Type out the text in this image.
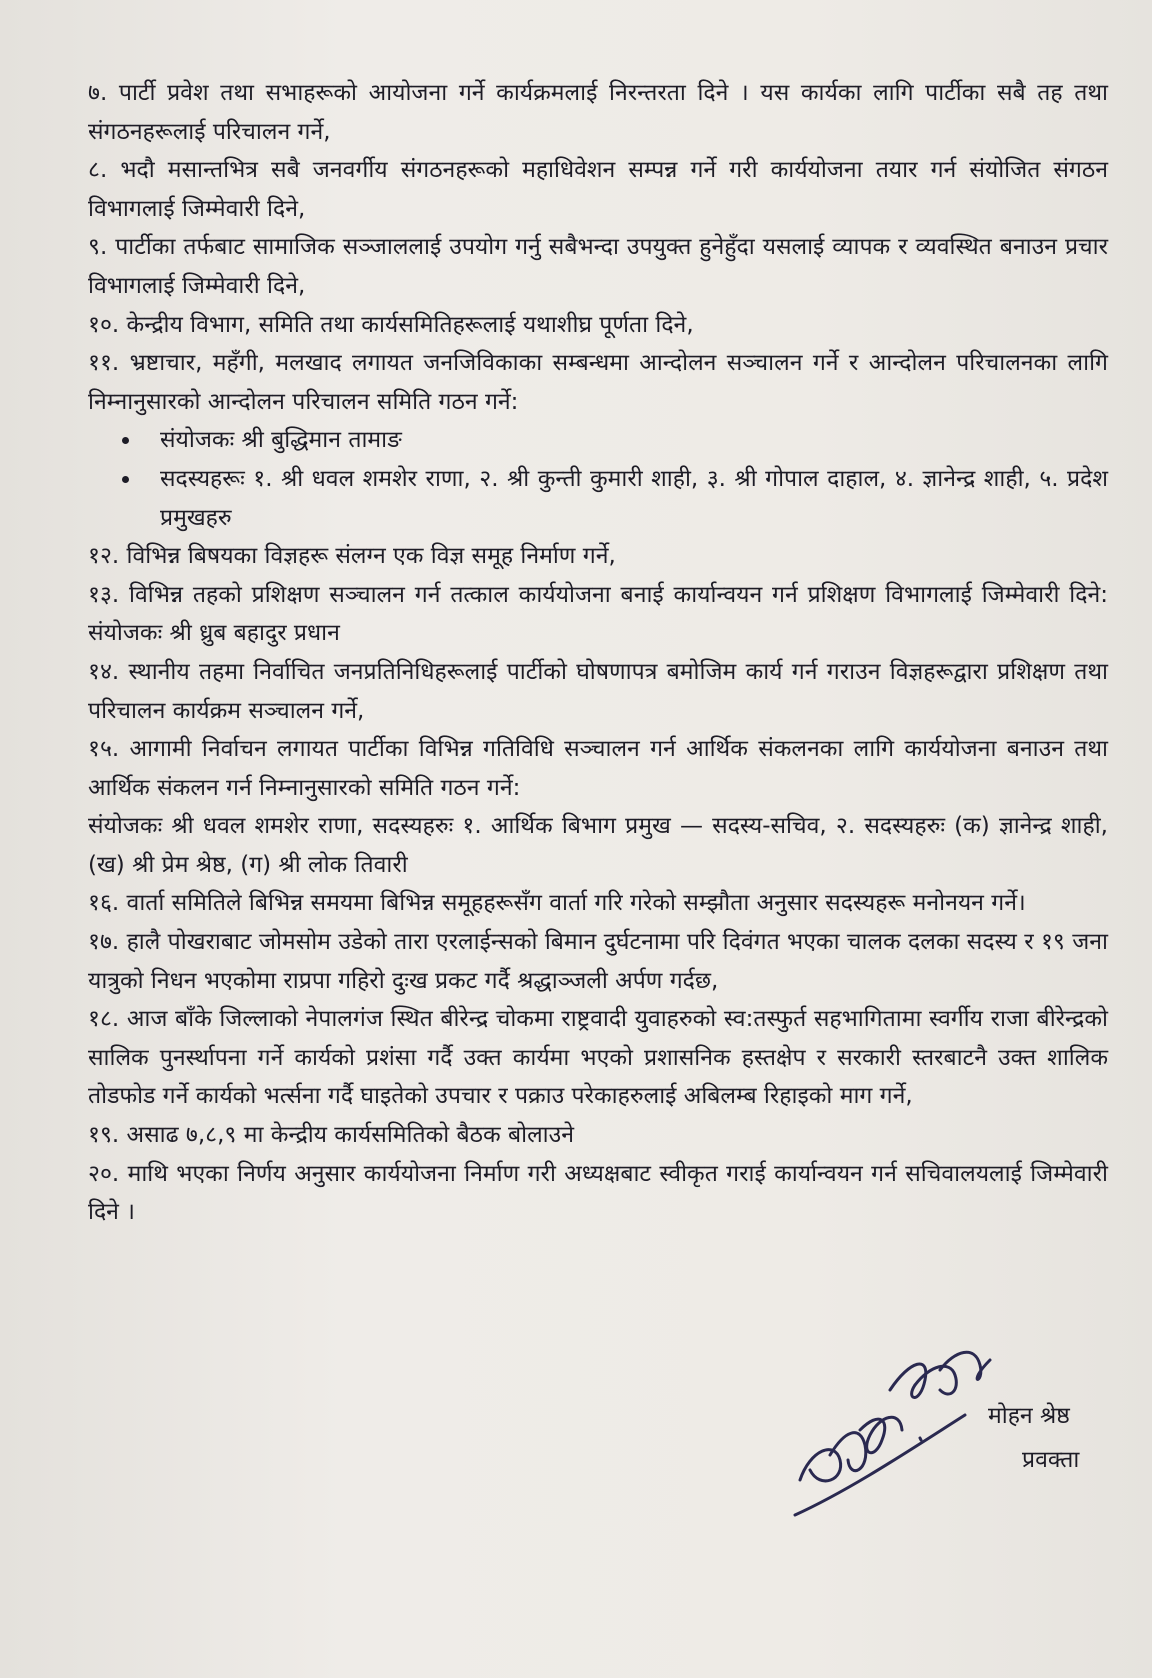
७. पार्टी प्रवेश तथा सभाहरूको आयोजना गर्ने कार्यक्रमलाई निरन्तरता दिने । यस कार्यका लागि पार्टीका सबै तह तथा संगठनहरूलाई परिचालन गर्ने,

८. भदौ मसान्तभित्र सबै जनवर्गीय संगठनहरूको महाधिवेशन सम्पन्न गर्ने गरी कार्ययोजना तयार गर्न संयोजित संगठन विभागलाई जिम्मेवारी दिने,

९. पार्टीका तर्फबाट सामाजिक सञ्जाललाई उपयोग गर्नु सबैभन्दा उपयुक्त हुनेहुँदा यसलाई व्यापक र व्यवस्थित बनाउन प्रचार विभागलाई जिम्मेवारी दिने,

१०. केन्द्रीय विभाग, समिति तथा कार्यसमितिहरूलाई यथाशीघ्र पूर्णता दिने,

११. भ्रष्टाचार, महँगी, मलखाद लगायत जनजिविकाका सम्बन्धमा आन्दोलन सञ्चालन गर्ने र आन्दोलन परिचालनका लागि निम्नानुसारको आन्दोलन परिचालन समिति गठन गर्ने:

संयोजकः श्री बुद्धिमान तामाङ
सदस्यहरूः १. श्री धवल शमशेर राणा, २. श्री कुन्ती कुमारी शाही, ३. श्री गोपाल दाहाल, ४. ज्ञानेन्द्र शाही, ५. प्रदेश प्रमुखहरु

१२. विभिन्न बिषयका विज्ञहरू संलग्न एक विज्ञ समूह निर्माण गर्ने,

१३. विभिन्न तहको प्रशिक्षण सञ्चालन गर्न तत्काल कार्ययोजना बनाई कार्यान्वयन गर्न प्रशिक्षण विभागलाई जिम्मेवारी दिने: संयोजकः श्री ध्रुब बहादुर प्रधान

१४. स्थानीय तहमा निर्वाचित जनप्रतिनिधिहरूलाई पार्टीको घोषणापत्र बमोजिम कार्य गर्न गराउन विज्ञहरूद्वारा प्रशिक्षण तथा परिचालन कार्यक्रम सञ्चालन गर्ने,

१५. आगामी निर्वाचन लगायत पार्टीका विभिन्न गतिविधि सञ्चालन गर्न आर्थिक संकलनका लागि कार्ययोजना बनाउन तथा आर्थिक संकलन गर्न निम्नानुसारको समिति गठन गर्ने:

संयोजकः श्री धवल शमशेर राणा, सदस्यहरुः १. आर्थिक बिभाग प्रमुख — सदस्य-सचिव, २. सदस्यहरुः (क) ज्ञानेन्द्र शाही, (ख) श्री प्रेम श्रेष्ठ, (ग) श्री लोक तिवारी

१६. वार्ता समितिले बिभिन्न समयमा बिभिन्न समूहहरूसँग वार्ता गरि गरेको सम्झौता अनुसार सदस्यहरू मनोनयन गर्ने।

१७. हालै पोखराबाट जोमसोम उडेको तारा एरलाईन्सको बिमान दुर्घटनामा परि दिवंगत भएका चालक दलका सदस्य र १९ जना यात्रुको निधन भएकोमा राप्रपा गहिरो दुःख प्रकट गर्दै श्रद्धाञ्जली अर्पण गर्दछ,

१८. आज बाँके जिल्लाको नेपालगंज स्थित बीरेन्द्र चोकमा राष्ट्रवादी युवाहरुको स्व:तस्फुर्त सहभागितामा स्वर्गीय राजा बीरेन्द्रको सालिक पुनर्स्थापना गर्ने कार्यको प्रशंसा गर्दै उक्त कार्यमा भएको प्रशासनिक हस्तक्षेप र सरकारी स्तरबाटनै उक्त शालिक तोडफोड गर्ने कार्यको भर्त्सना गर्दै घाइतेको उपचार र पक्राउ परेकाहरुलाई अबिलम्ब रिहाइको माग गर्ने,

१९. असाढ ७,८,९ मा केन्द्रीय कार्यसमितिको बैठक बोलाउने

२०. माथि भएका निर्णय अनुसार कार्ययोजना निर्माण गरी अध्यक्षबाट स्वीकृत गराई कार्यान्वयन गर्न सचिवालयलाई जिम्मेवारी दिने ।

मोहन श्रेष्ठ

प्रवक्ता
